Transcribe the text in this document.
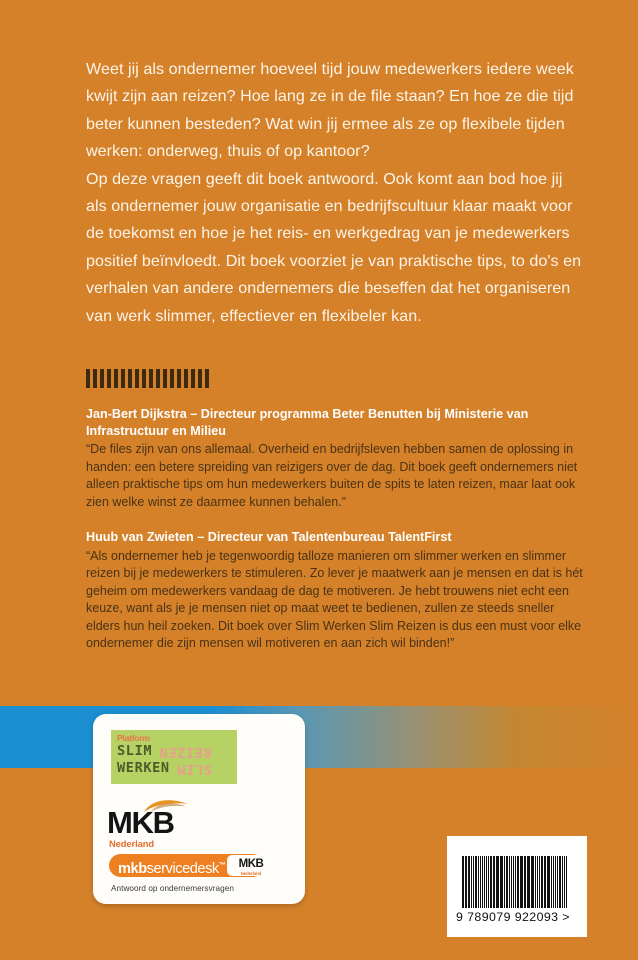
Weet jij als ondernemer hoeveel tijd jouw medewerkers iedere week kwijt zijn aan reizen? Hoe lang ze in de file staan? En hoe ze die tijd beter kunnen besteden? Wat win jij ermee als ze op flexibele tijden werken: onderweg, thuis of op kantoor?

Op deze vragen geeft dit boek antwoord. Ook komt aan bod hoe jij als ondernemer jouw organisatie en bedrijfscultuur klaar maakt voor de toekomst en hoe je het reis- en werkgedrag van je medewerkers positief beïnvloedt. Dit boek voorziet je van praktische tips, to do's en verhalen van andere ondernemers die beseffen dat het organiseren van werk slimmer, effectiever en flexibeler kan.

Jan-Bert Dijkstra – Directeur programma Beter Benutten bij Ministerie van Infrastructuur en Milieu

“De files zijn van ons allemaal. Overheid en bedrijfsleven hebben samen de oplossing in handen: een betere spreiding van reizigers over de dag. Dit boek geeft ondernemers niet alleen praktische tips om hun medewerkers buiten de spits te laten reizen, maar laat ook zien welke winst ze daarmee kunnen behalen.”

Huub van Zwieten – Directeur van Talentenbureau TalentFirst

“Als ondernemer heb je tegenwoordig talloze manieren om slimmer werken en slimmer reizen bij je medewerkers te stimuleren. Zo lever je maatwerk aan je mensen en dat is hét geheim om medewerkers vandaag de dag te motiveren. Je hebt trouwens niet echt een keuze, want als je je mensen niet op maat weet te bedienen, zullen ze steeds sneller elders hun heil zoeken. Dit boek over Slim Werken Slim Reizen is dus een must voor elke ondernemer die zijn mensen wil motiveren en aan zich wil binden!”

Platform
SLIM REIZEN
WERKEN SLIM
MKB
Nederland
mkbservicedesk™	MKB
Nederland
Antwoord op ondernemersvragen
9 789079 922093 >
